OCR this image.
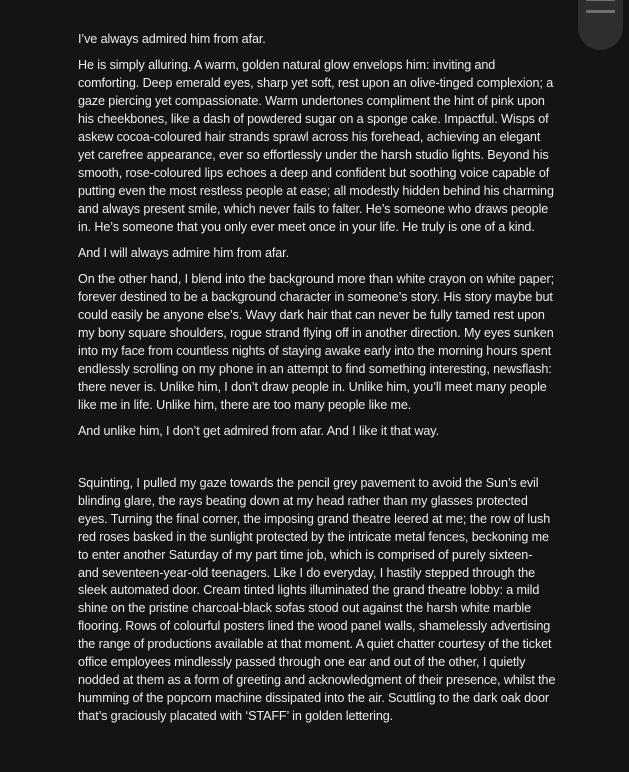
I’ve always admired him from afar.

He is simply alluring. A warm, golden natural glow envelops him: inviting and comforting. Deep emerald eyes, sharp yet soft, rest upon an olive-tinged complexion; a gaze piercing yet compassionate. Warm undertones compliment the hint of pink upon his cheekbones, like a dash of powdered sugar on a sponge cake. Impactful. Wisps of askew cocoa-coloured hair strands sprawl across his forehead, achieving an elegant yet carefree appearance, ever so effortlessly under the harsh studio lights. Beyond his smooth, rose-coloured lips echoes a deep and confident but soothing voice capable of putting even the most restless people at ease; all modestly hidden behind his charming and always present smile, which never fails to falter. He’s someone who draws people in. He’s someone that you only ever meet once in your life. He truly is one of a kind.

And I will always admire him from afar.

On the other hand, I blend into the background more than white crayon on white paper; forever destined to be a background character in someone’s story. His story maybe but could easily be anyone else’s. Wavy dark hair that can never be fully tamed rest upon my bony square shoulders, rogue strand flying off in another direction. My eyes sunken into my face from countless nights of staying awake early into the morning hours spent endlessly scrolling on my phone in an attempt to find something interesting, newsflash: there never is. Unlike him, I don’t draw people in. Unlike him, you’ll meet many people like me in life. Unlike him, there are too many people like me.

And unlike him, I don’t get admired from afar. And I like it that way.

Squinting, I pulled my gaze towards the pencil grey pavement to avoid the Sun’s evil blinding glare, the rays beating down at my head rather than my glasses protected eyes. Turning the final corner, the imposing grand theatre leered at me; the row of lush red roses basked in the sunlight protected by the intricate metal fences, beckoning me to enter another Saturday of my part time job, which is comprised of purely sixteen- and seventeen-year-old teenagers. Like I do everyday, I hastily stepped through the sleek automated door. Cream tinted lights illuminated the grand theatre lobby: a mild shine on the pristine charcoal-black sofas stood out against the harsh white marble flooring. Rows of colourful posters lined the wood panel walls, shamelessly advertising the range of productions available at that moment. A quiet chatter courtesy of the ticket office employees mindlessly passed through one ear and out of the other, I quietly nodded at them as a form of greeting and acknowledgment of their presence, whilst the humming of the popcorn machine dissipated into the air. Scuttling to the dark oak door that’s graciously placated with ‘STAFF’ in golden lettering.
